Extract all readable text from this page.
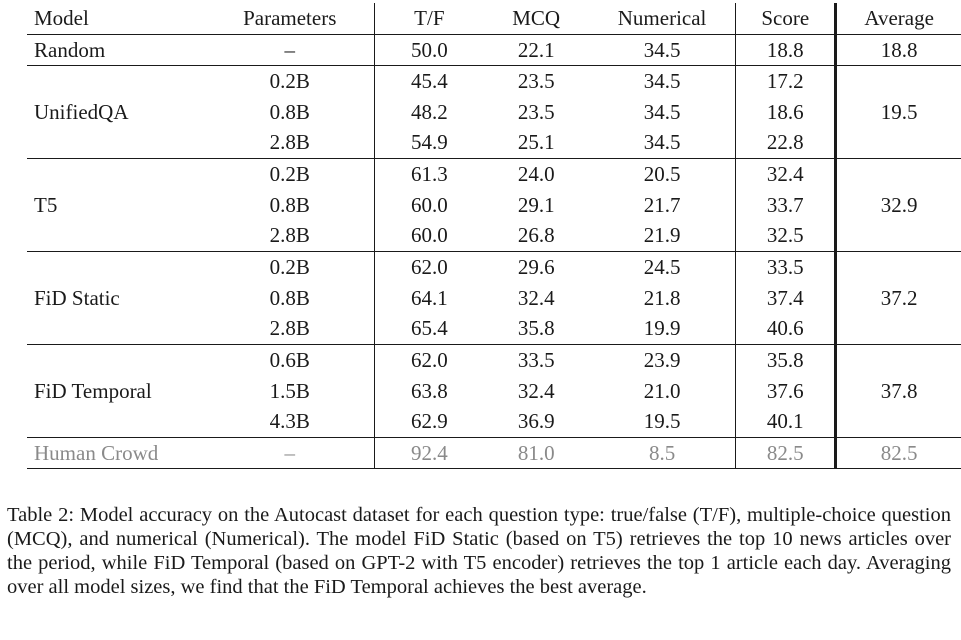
Model	Parameters	T/F	MCQ	Numerical	Score	Average
Random	–	50.0	22.1	34.5	18.8	18.8
UnifiedQA	0.2B	45.4	23.5	34.5	17.2	19.5
	0.8B	48.2	23.5	34.5	18.6	
	2.8B	54.9	25.1	34.5	22.8	
T5	0.2B	61.3	24.0	20.5	32.4	32.9
	0.8B	60.0	29.1	21.7	33.7	
	2.8B	60.0	26.8	21.9	32.5	
FiD Static	0.2B	62.0	29.6	24.5	33.5	37.2
	0.8B	64.1	32.4	21.8	37.4	
	2.8B	65.4	35.8	19.9	40.6	
FiD Temporal	0.6B	62.0	33.5	23.9	35.8	37.8
	1.5B	63.8	32.4	21.0	37.6	
	4.3B	62.9	36.9	19.5	40.1	
Human Crowd	–	92.4	81.0	8.5	82.5	82.5

Table 2: Model accuracy on the Autocast dataset for each question type: true/false (T/F), multiple-choice question (MCQ), and numerical (Numerical). The model FiD Static (based on T5) retrieves the top 10 news articles over the period, while FiD Temporal (based on GPT-2 with T5 encoder) retrieves the top 1 article each day. Averaging over all model sizes, we find that the FiD Temporal achieves the best average.
